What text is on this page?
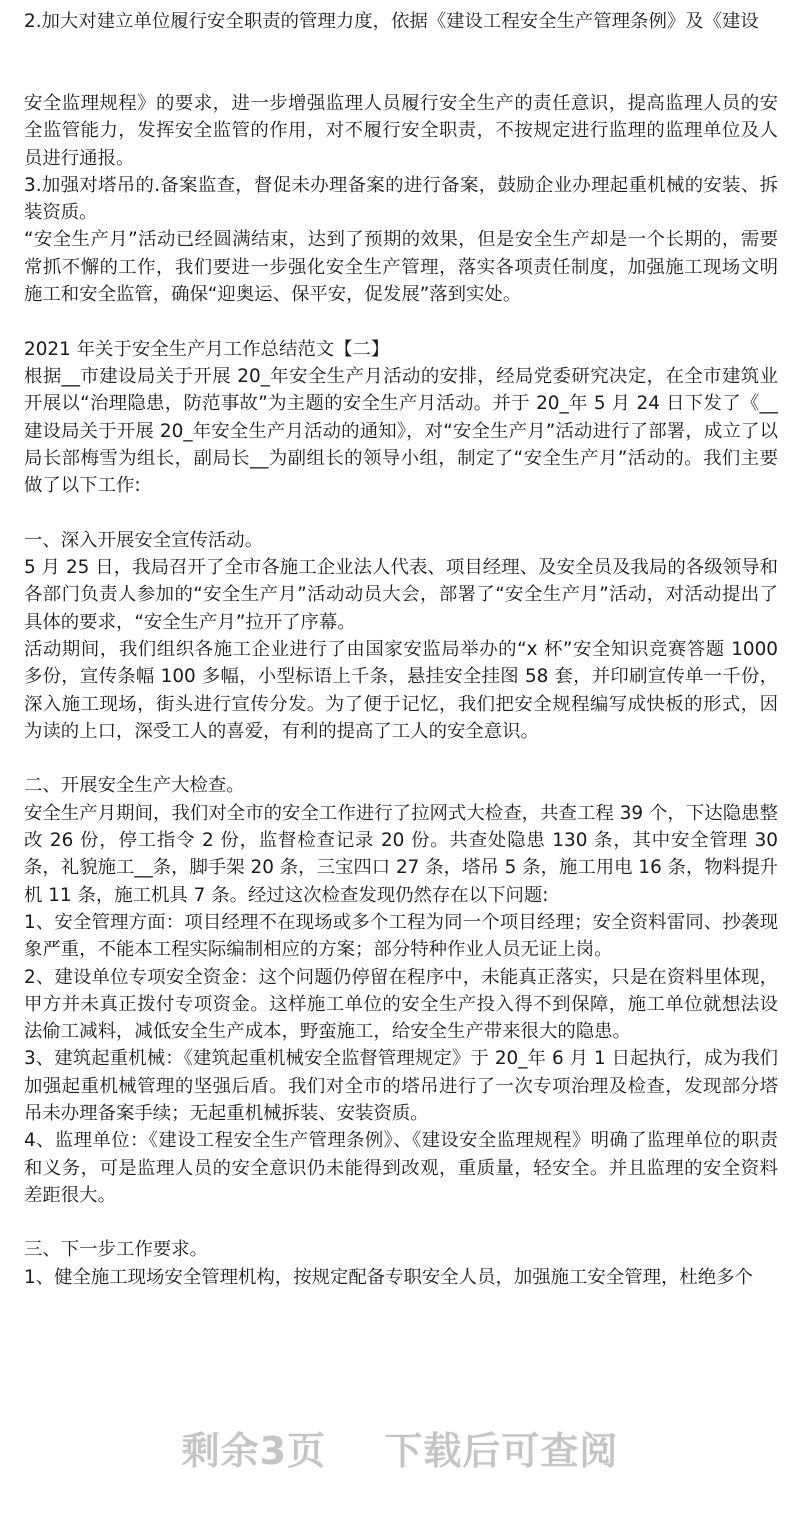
2.加大对建立单位履行安全职责的管理力度，依据《建设工程安全生产管理条例》及《建设

安全监理规程》的要求，进一步增强监理人员履行安全生产的责任意识，提高监理人员的安全监管能力，发挥安全监管的作用，对不履行安全职责，不按规定进行监理的监理单位及人员进行通报。

3.加强对塔吊的.备案监查，督促未办理备案的进行备案，鼓励企业办理起重机械的安装、拆装资质。

“安全生产月”活动已经圆满结束，达到了预期的效果，但是安全生产却是一个长期的，需要常抓不懈的工作，我们要进一步强化安全生产管理，落实各项责任制度，加强施工现场文明施工和安全监管，确保“迎奥运、保平安，促发展”落到实处。

2021 年关于安全生产月工作总结范文【二】

根据__市建设局关于开展 20_年安全生产月活动的安排，经局党委研究决定，在全市建筑业开展以“治理隐患，防范事故”为主题的安全生产月活动。并于 20_年 5 月 24 日下发了《__建设局关于开展 20_年安全生产月活动的通知》，对“安全生产月”活动进行了部署，成立了以局长部梅雪为组长，副局长__为副组长的领导小组，制定了“安全生产月”活动的。我们主要做了以下工作:

一、深入开展安全宣传活动。

5 月 25 日，我局召开了全市各施工企业法人代表、项目经理、及安全员及我局的各级领导和各部门负责人参加的“安全生产月”活动动员大会，部署了“安全生产月”活动，对活动提出了具体的要求，“安全生产月”拉开了序幕。

活动期间，我们组织各施工企业进行了由国家安监局举办的“x 杯”安全知识竞赛答题 1000 多份，宣传条幅 100 多幅，小型标语上千条，悬挂安全挂图 58 套，并印刷宣传单一千份，深入施工现场，街头进行宣传分发。为了便于记忆，我们把安全规程编写成快板的形式，因为读的上口，深受工人的喜爱，有利的提高了工人的安全意识。

二、开展安全生产大检查。

安全生产月期间，我们对全市的安全工作进行了拉网式大检查，共查工程 39 个，下达隐患整改 26 份，停工指令 2 份，监督检查记录 20 份。共查处隐患 130 条，其中安全管理 30 条，礼貌施工__条，脚手架 20 条，三宝四口 27 条，塔吊 5 条，施工用电 16 条，物料提升机 11 条，施工机具 7 条。经过这次检查发现仍然存在以下问题:

1、安全管理方面：项目经理不在现场或多个工程为同一个项目经理；安全资料雷同、抄袭现象严重，不能本工程实际编制相应的方案；部分特种作业人员无证上岗。

2、建设单位专项安全资金：这个问题仍停留在程序中，未能真正落实，只是在资料里体现，甲方并未真正拨付专项资金。这样施工单位的安全生产投入得不到保障，施工单位就想法设法偷工减料，减低安全生产成本，野蛮施工，给安全生产带来很大的隐患。

3、建筑起重机械：《建筑起重机械安全监督管理规定》于 20_年 6 月 1 日起执行，成为我们加强起重机械管理的坚强后盾。我们对全市的塔吊进行了一次专项治理及检查，发现部分塔吊未办理备案手续；无起重机械拆装、安装资质。

4、监理单位：《建设工程安全生产管理条例》、《建设安全监理规程》明确了监理单位的职责和义务，可是监理人员的安全意识仍未能得到改观，重质量，轻安全。并且监理的安全资料差距很大。

三、下一步工作要求。

1、健全施工现场安全管理机构，按规定配备专职安全人员，加强施工安全管理，杜绝多个

剩余3页 下载后可查阅
